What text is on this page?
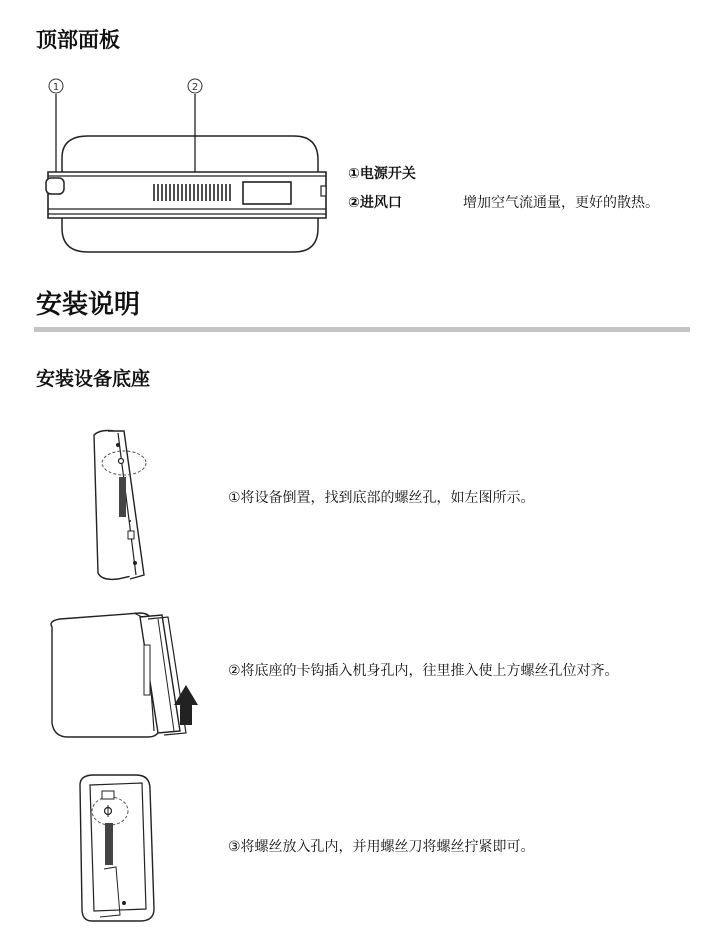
顶部面板
1	2
①电源开关
②进风口	增加空气流通量，更好的散热。
安装说明
安装设备底座
①将设备倒置，找到底部的螺丝孔，如左图所示。
②将底座的卡钩插入机身孔内，往里推入使上方螺丝孔位对齐。
③将螺丝放入孔内，并用螺丝刀将螺丝拧紧即可。
